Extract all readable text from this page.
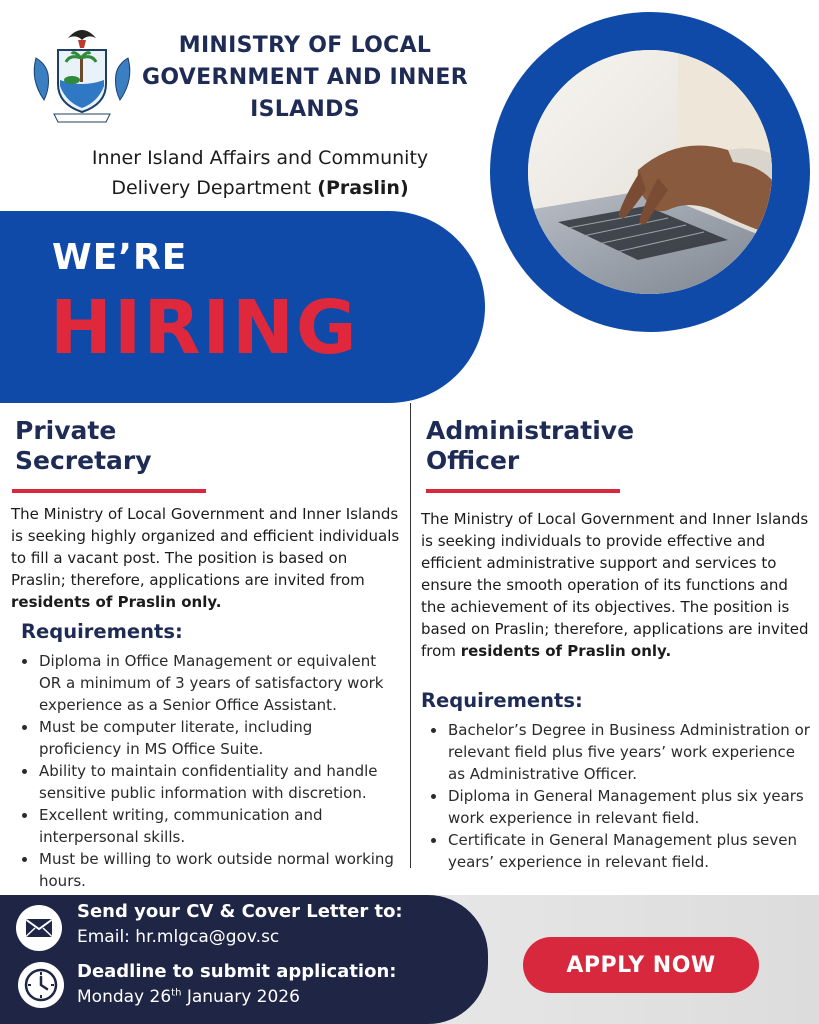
MINISTRY OF LOCAL GOVERNMENT AND INNER ISLANDS
Inner Island Affairs and Community Delivery Department (Praslin)
WE’RE
HIRING
Private
Secretary
The Ministry of Local Government and Inner Islands is seeking highly organized and efficient individuals to fill a vacant post. The position is based on Praslin; therefore, applications are invited from residents of Praslin only.
Requirements:
Diploma in Office Management or equivalent OR a minimum of 3 years of satisfactory work experience as a Senior Office Assistant.
Must be computer literate, including proficiency in MS Office Suite.
Ability to maintain confidentiality and handle sensitive public information with discretion.
Excellent writing, communication and interpersonal skills.
Must be willing to work outside normal working hours.
Administrative
Officer
The Ministry of Local Government and Inner Islands is seeking individuals to provide effective and efficient administrative support and services to ensure the smooth operation of its functions and the achievement of its objectives. The position is based on Praslin; therefore, applications are invited from residents of Praslin only.
Requirements:
Bachelor’s Degree in Business Administration or relevant field plus five years’ work experience as Administrative Officer.
Diploma in General Management plus six years work experience in relevant field.
Certificate in General Management plus seven years’ experience in relevant field.
Send your CV & Cover Letter to:
Email: hr.mlgca@gov.sc
Deadline to submit application:
Monday 26th January 2026
APPLY NOW
